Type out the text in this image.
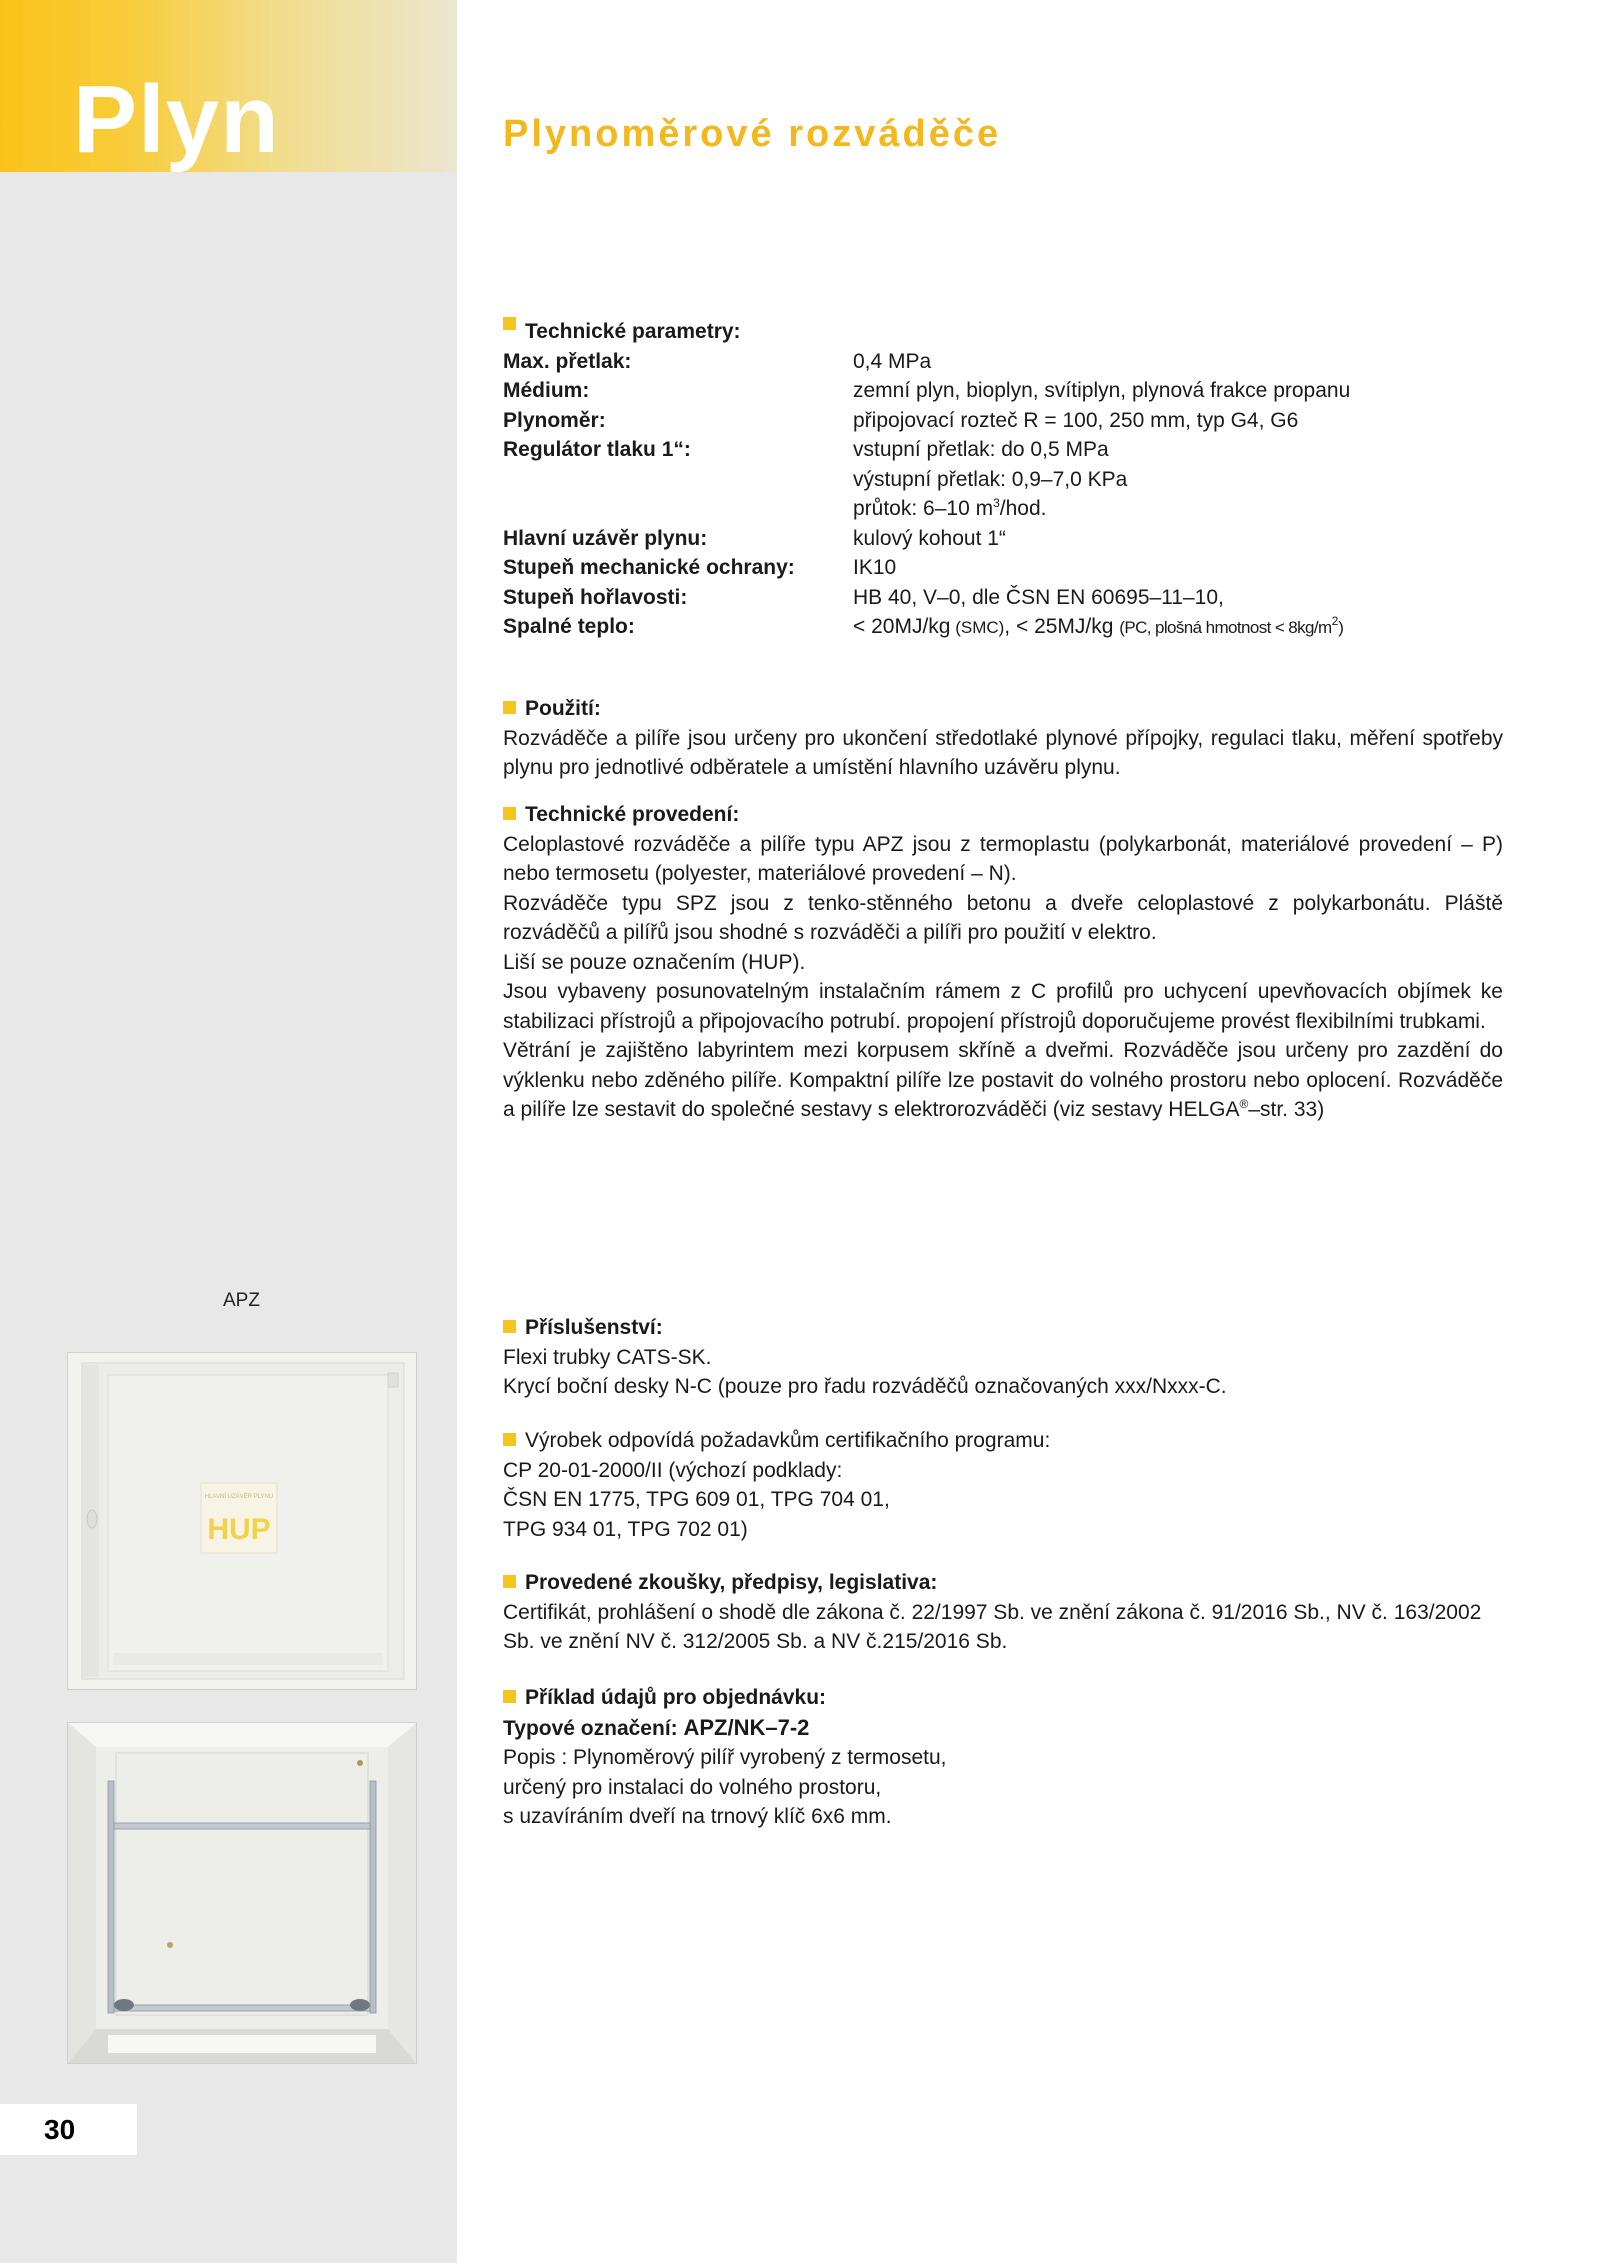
Plyn	Plynoměrové rozváděče
Technické parametry:
Max. přetlak:	0,4 MPa
Médium:	zemní plyn, bioplyn, svítiplyn, plynová frakce propanu
Plynoměr:	připojovací rozteč R = 100, 250 mm, typ G4, G6
Regulátor tlaku 1“:	vstupní přetlak: do 0,5 MPa
výstupní přetlak: 0,9–7,0 KPa
průtok: 6–10 $m^3$/hod.
Hlavní uzávěr plynu:	kulový kohout 1“
Stupeň mechanické ochrany:	IK10
Stupeň hořlavosti:	HB 40, V–0, dle ČSN EN 60695–11–10,
Spalné teplo:	< 20MJ/kg (SMC), < 25MJ/kg (PC, plošná hmotnost < $8kg/m^2$)

Použití:

Rozváděče a pilíře jsou určeny pro ukončení středotlaké plynové přípojky, regulaci tlaku, měření spotřeby plynu pro jednotlivé odběratele a umístění hlavního uzávěru plynu.

Technické provedení:

Celoplastové rozváděče a pilíře typu APZ jsou z termoplastu (polykarbonát, materiálové provedení – P) nebo termosetu (polyester, materiálové provedení – N).

Rozváděče typu SPZ jsou z tenko-stěnného betonu a dveře celoplastové z polykarbonátu. Pláště rozváděčů a pilířů jsou shodné s rozváděči a pilíři pro použití v elektro.

Liší se pouze označením (HUP).

Jsou vybaveny posunovatelným instalačním rámem z C profilů pro uchycení upevňovacích objímek ke stabilizaci přístrojů a připojovacího potrubí. propojení přístrojů doporučujeme provést flexibilními trubkami.

Větrání je zajištěno labyrintem mezi korpusem skříně a dveřmi. Rozváděče jsou určeny pro zazdění do výklenku nebo zděného pilíře. Kompaktní pilíře lze postavit do volného prostoru nebo oplocení. Rozváděče a pilíře lze sestavit do společné sestavy s elektrorozváděči (viz sestavy HELGA®–str. 33)

Příslušenství:

Flexi trubky CATS-SK.

Krycí boční desky N-C (pouze pro řadu rozváděčů označovaných xxx/Nxxx-C.

Výrobek odpovídá požadavkům certifikačního programu:

CP 20-01-2000/II (výchozí podklady:

ČSN EN 1775, TPG 609 01, TPG 704 01,

TPG 934 01, TPG 702 01)

Provedené zkoušky, předpisy, legislativa:

Certifikát, prohlášení o shodě dle zákona č. 22/1997 Sb. ve znění zákona č. 91/2016 Sb., NV č. 163/2002 Sb. ve znění NV č. 312/2005 Sb. a NV č.215/2016 Sb.

Příklad údajů pro objednávku:

Typové označení: APZ/NK–7-2

Popis : Plynoměrový pilíř vyrobený z termosetu,

určený pro instalaci do volného prostoru,

s uzavíráním dveří na trnový klíč 6x6 mm.

APZ
HLAVNÍ UZÁVĚR PLYNU
HUP
30
